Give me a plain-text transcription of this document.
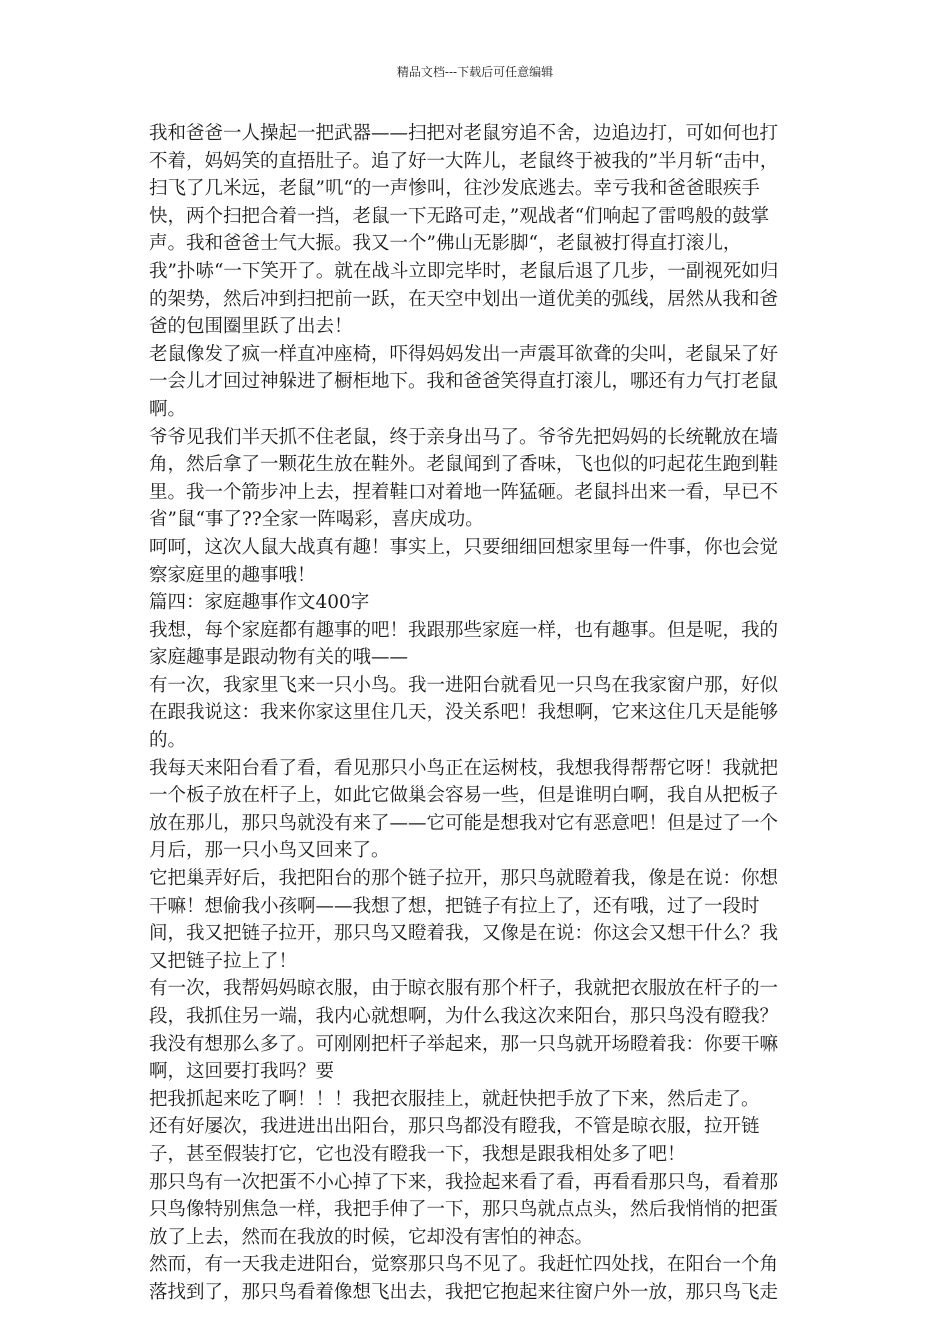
精品文档---下载后可任意编辑
我和爸爸一人操起一把武器——扫把对老鼠穷追不舍，边追边打，可如何也打
不着，妈妈笑的直捂肚子。追了好一大阵儿，老鼠终于被我的”半月斩“击中，
扫飞了几米远，老鼠”叽“的一声惨叫，往沙发底逃去。幸亏我和爸爸眼疾手
快，两个扫把合着一挡，老鼠一下无路可走，”观战者“们响起了雷鸣般的鼓掌
声。我和爸爸士气大振。我又一个”佛山无影脚“，老鼠被打得直打滚儿，
我”扑哧“一下笑开了。就在战斗立即完毕时，老鼠后退了几步，一副视死如归
的架势，然后冲到扫把前一跃，在天空中划出一道优美的弧线，居然从我和爸
爸的包围圈里跃了出去！
老鼠像发了疯一样直冲座椅，吓得妈妈发出一声震耳欲聋的尖叫，老鼠呆了好
一会儿才回过神躲进了橱柜地下。我和爸爸笑得直打滚儿，哪还有力气打老鼠
啊。
爷爷见我们半天抓不住老鼠，终于亲身出马了。爷爷先把妈妈的长统靴放在墙
角，然后拿了一颗花生放在鞋外。老鼠闻到了香味，飞也似的叼起花生跑到鞋
里。我一个箭步冲上去，捏着鞋口对着地一阵猛砸。老鼠抖出来一看，早已不
省”鼠“事了??全家一阵喝彩，喜庆成功。
呵呵，这次人鼠大战真有趣！事实上，只要细细回想家里每一件事，你也会觉
察家庭里的趣事哦！
篇四：家庭趣事作文400字
我想，每个家庭都有趣事的吧！我跟那些家庭一样，也有趣事。但是呢，我的
家庭趣事是跟动物有关的哦——
有一次，我家里飞来一只小鸟。我一进阳台就看见一只鸟在我家窗户那，好似
在跟我说这：我来你家这里住几天，没关系吧！我想啊，它来这住几天是能够
的。
我每天来阳台看了看，看见那只小鸟正在运树枝，我想我得帮帮它呀！我就把
一个板子放在杆子上，如此它做巢会容易一些，但是谁明白啊，我自从把板子
放在那儿，那只鸟就没有来了——它可能是想我对它有恶意吧！但是过了一个
月后，那一只小鸟又回来了。
它把巢弄好后，我把阳台的那个链子拉开，那只鸟就瞪着我，像是在说：你想
干嘛！想偷我小孩啊——我想了想，把链子有拉上了，还有哦，过了一段时
间，我又把链子拉开，那只鸟又瞪着我，又像是在说：你这会又想干什么？我
又把链子拉上了！
有一次，我帮妈妈晾衣服，由于晾衣服有那个杆子，我就把衣服放在杆子的一
段，我抓住另一端，我内心就想啊，为什么我这次来阳台，那只鸟没有瞪我？
我没有想那么多了。可刚刚把杆子举起来，那一只鸟就开场瞪着我：你要干嘛
啊，这回要打我吗？要
把我抓起来吃了啊！！！我把衣服挂上，就赶快把手放了下来，然后走了。
还有好屡次，我进进出出阳台，那只鸟都没有瞪我，不管是晾衣服，拉开链
子，甚至假装打它，它也没有瞪我一下，我想是跟我相处多了吧！
那只鸟有一次把蛋不小心掉了下来，我捡起来看了看，再看看那只鸟，看着那
只鸟像特别焦急一样，我把手伸了一下，那只鸟就点点头，然后我悄悄的把蛋
放了上去，然而在我放的时候，它却没有害怕的神态。
然而，有一天我走进阳台，觉察那只鸟不见了。我赶忙四处找，在阳台一个角
落找到了，那只鸟看着像想飞出去，我把它抱起来往窗户外一放，那只鸟飞走
